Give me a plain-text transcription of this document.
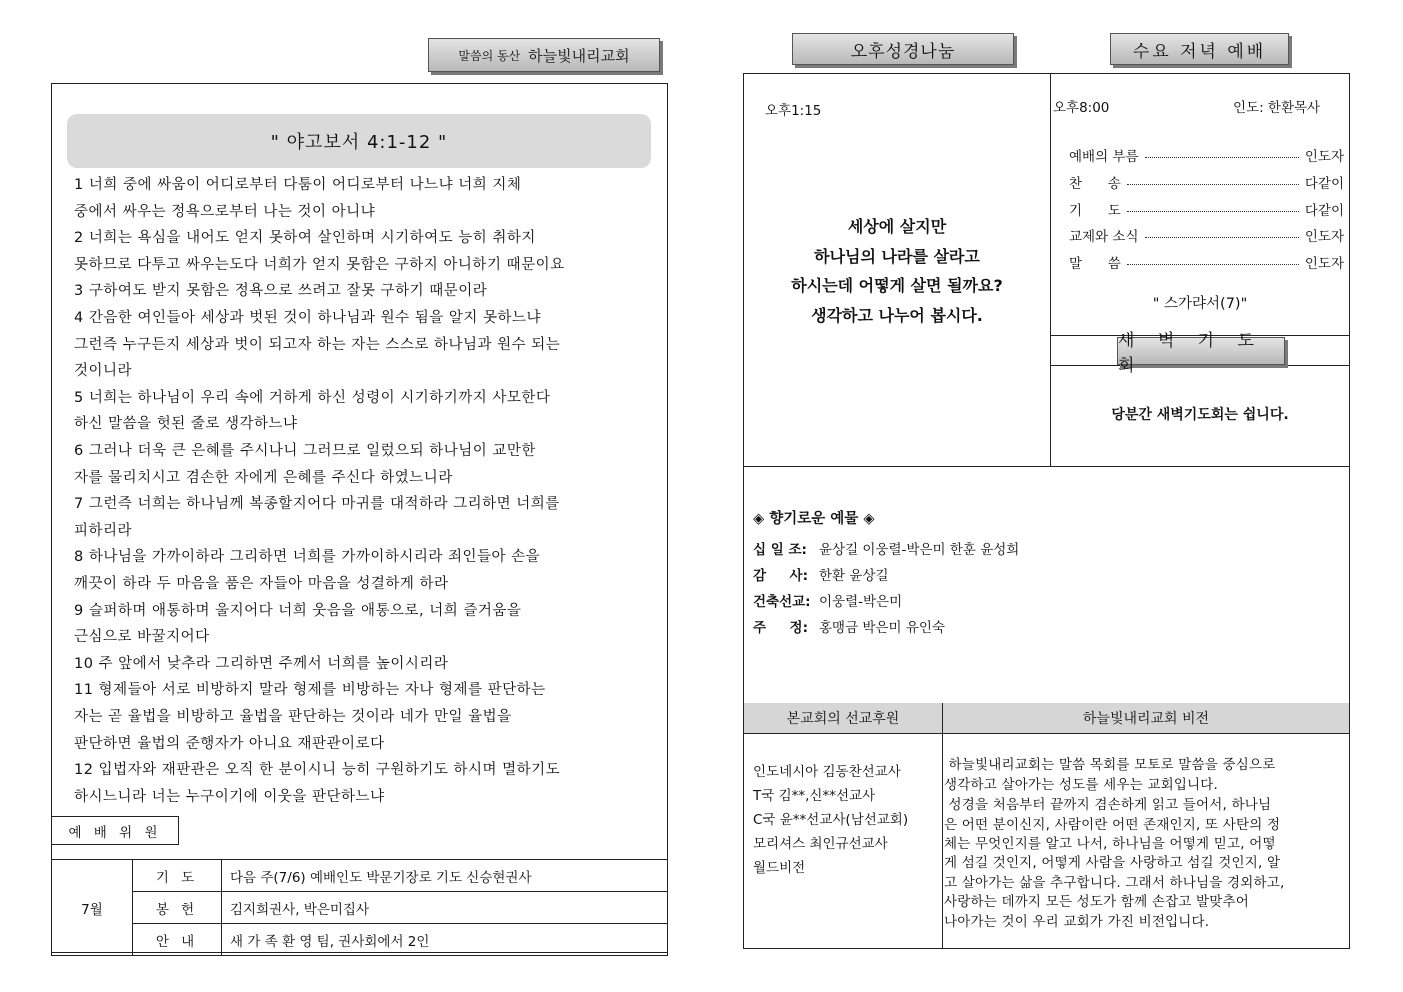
말씀의 동산 하늘빛내리교회
" 야고보서 4:1-12 "
1 너희 중에 싸움이 어디로부터 다툼이 어디로부터 나느냐 너희 지체
중에서 싸우는 정욕으로부터 나는 것이 아니냐
2 너희는 욕심을 내어도 얻지 못하여 살인하며 시기하여도 능히 취하지
못하므로 다투고 싸우는도다 너희가 얻지 못함은 구하지 아니하기 때문이요
3 구하여도 받지 못함은 정욕으로 쓰려고 잘못 구하기 때문이라
4 간음한 여인들아 세상과 벗된 것이 하나님과 원수 됨을 알지 못하느냐
그런즉 누구든지 세상과 벗이 되고자 하는 자는 스스로 하나님과 원수 되는
것이니라
5 너희는 하나님이 우리 속에 거하게 하신 성령이 시기하기까지 사모한다
하신 말씀을 헛된 줄로 생각하느냐
6 그러나 더욱 큰 은혜를 주시나니 그러므로 일렀으되 하나님이 교만한
자를 물리치시고 겸손한 자에게 은혜를 주신다 하였느니라
7 그런즉 너희는 하나님께 복종할지어다 마귀를 대적하라 그리하면 너희를
피하리라
8 하나님을 가까이하라 그리하면 너희를 가까이하시리라 죄인들아 손을
깨끗이 하라 두 마음을 품은 자들아 마음을 성결하게 하라
9 슬퍼하며 애통하며 울지어다 너희 웃음을 애통으로, 너희 즐거움을
근심으로 바꿀지어다
10 주 앞에서 낮추라 그리하면 주께서 너희를 높이시리라
11 형제들아 서로 비방하지 말라 형제를 비방하는 자나 형제를 판단하는
자는 곧 율법을 비방하고 율법을 판단하는 것이라 네가 만일 율법을
판단하면 율법의 준행자가 아니요 재판관이로다
12 입법자와 재판관은 오직 한 분이시니 능히 구원하기도 하시며 멸하기도
하시느니라 너는 누구이기에 이웃을 판단하느냐
예 배 위 원
7월	기 도	다음 주(7/6) 예배인도 박문기장로 기도 신승현권사
	봉 헌	김지희권사, 박은미집사
	안 내	새 가 족 환 영 팀, 권사회에서 2인
오후성경나눔	수요 저녁 예배
오후1:15
세상에 살지만
하나님의 나라를 살라고
하시는데 어떻게 살면 될까요?
생각하고 나누어 봅시다.
오후8:00	인도: 한환목사
예배의 부름	인도자
찬      송	다같이
기      도	다같이
교제와 소식	인도자
말      씀	인도자
" 스가랴서(7)"
새 벽 기 도 회
당분간 새벽기도회는 쉽니다.
◈ 향기로운 예물 ◈
십 일 조: 윤상길 이웅렬-박은미 한훈 윤성희
감     사: 한환 윤상길
건축선교: 이웅렬-박은미
주     정: 홍맹금 박은미 유인숙
본교회의 선교후원	하늘빛내리교회 비전
인도네시아 김동찬선교사
T국 김**,신**선교사
C국 윤**선교사(남선교회)
모리셔스 최인규선교사
월드비전
하늘빛내리교회는 말씀 목회를 모토로 말씀을 중심으로
생각하고 살아가는 성도를 세우는 교회입니다.
성경을 처음부터 끝까지 겸손하게 읽고 들어서, 하나님
은 어떤 분이신지, 사람이란 어떤 존재인지, 또 사탄의 정
체는 무엇인지를 알고 나서, 하나님을 어떻게 믿고, 어떻
게 섬길 것인지, 어떻게 사람을 사랑하고 섬길 것인지, 알
고 살아가는 삶을 추구합니다. 그래서 하나님을 경외하고,
사랑하는 데까지 모든 성도가 함께 손잡고 발맞추어
나아가는 것이 우리 교회가 가진 비전입니다.
